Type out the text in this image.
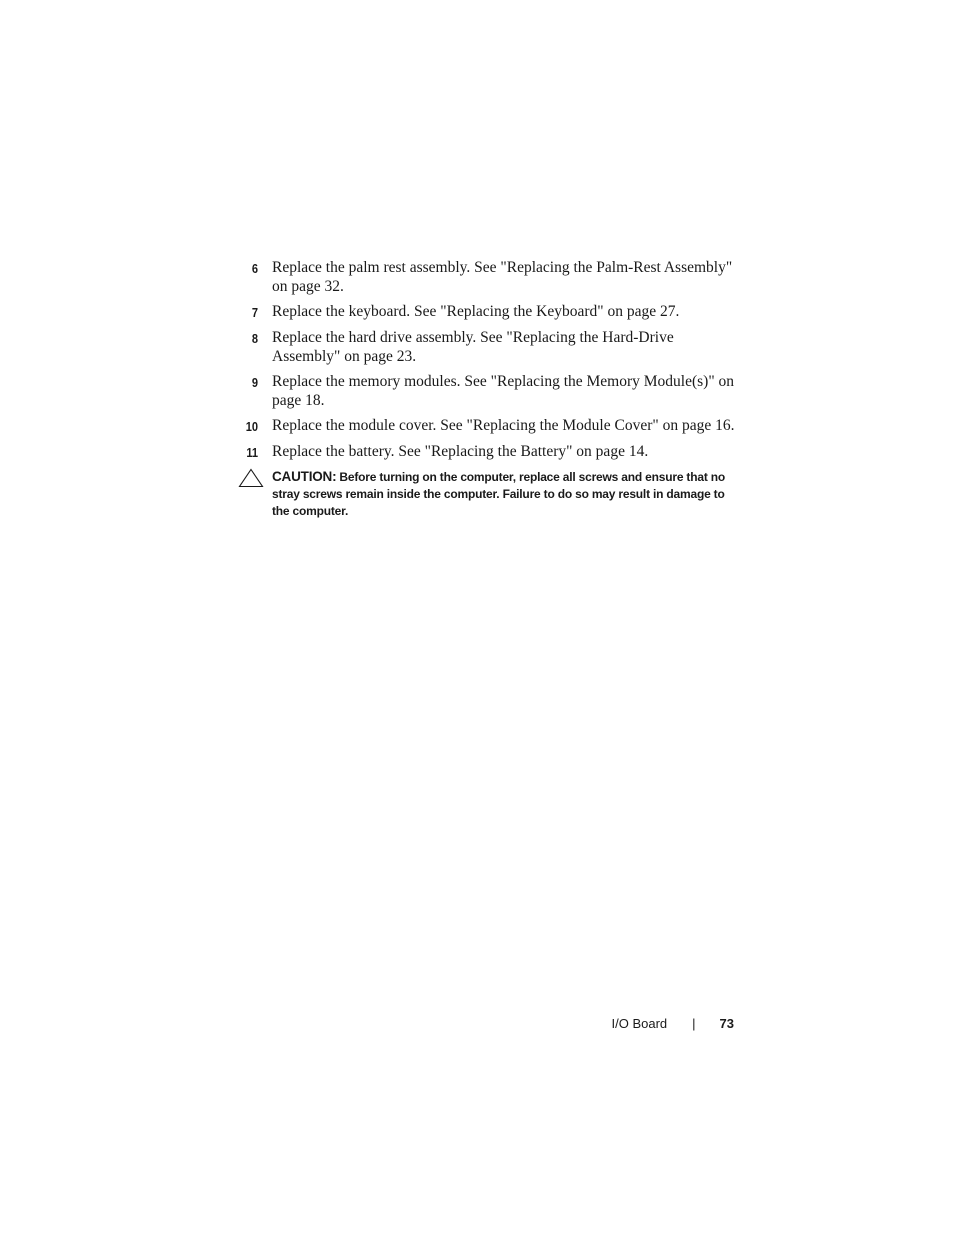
6 Replace the palm rest assembly. See "Replacing the Palm-Rest Assembly" on page 32.
7 Replace the keyboard. See "Replacing the Keyboard" on page 27.
8 Replace the hard drive assembly. See "Replacing the Hard-Drive Assembly" on page 23.
9 Replace the memory modules. See "Replacing the Memory Module(s)" on page 18.
10 Replace the module cover. See "Replacing the Module Cover" on page 16.
11 Replace the battery. See "Replacing the Battery" on page 14.
CAUTION: Before turning on the computer, replace all screws and ensure that no stray screws remain inside the computer. Failure to do so may result in damage to the computer.
I/O Board | 73
